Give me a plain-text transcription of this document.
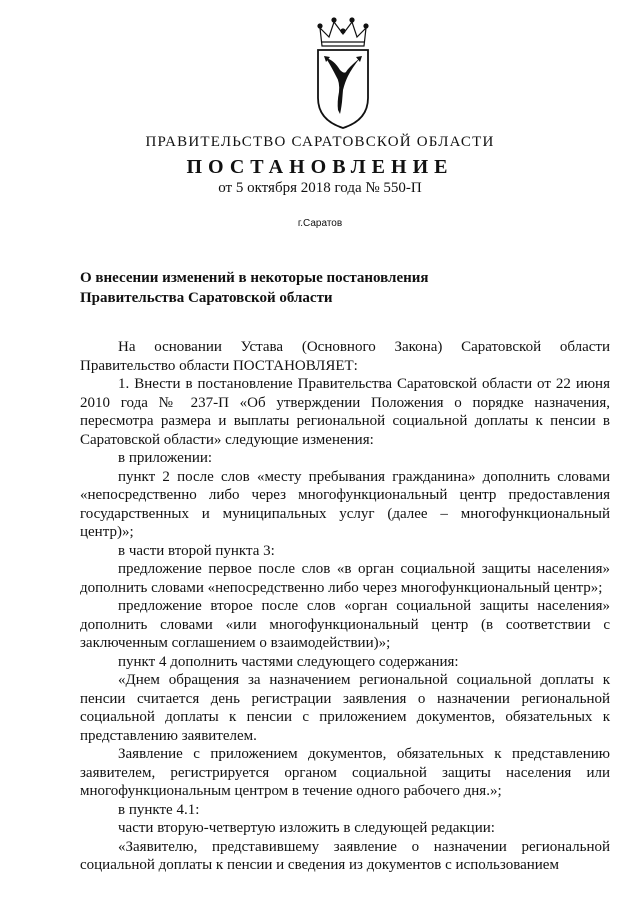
ПРАВИТЕЛЬСТВО САРАТОВСКОЙ ОБЛАСТИ
ПОСТАНОВЛЕНИЕ
от 5 октября 2018 года № 550-П
г.Саратов
О внесении изменений в некоторые постановления
Правительства Саратовской области

На основании Устава (Основного Закона) Саратовской области Правительство области ПОСТАНОВЛЯЕТ:

1. Внести в постановление Правительства Саратовской области от 22 июня 2010 года № 237-П «Об утверждении Положения о порядке назначения, пересмотра размера и выплаты региональной социальной доплаты к пенсии в Саратовской области» следующие изменения:

в приложении:

пункт 2 после слов «месту пребывания гражданина» дополнить словами «непосредственно либо через многофункциональный центр предоставления государственных и муниципальных услуг (далее – многофункциональный центр)»;

в части второй пункта 3:

предложение первое после слов «в орган социальной защиты населения» дополнить словами «непосредственно либо через многофункциональный центр»;

предложение второе после слов «орган социальной защиты населения» дополнить словами «или многофункциональный центр (в соответствии с заключенным соглашением о взаимодействии)»;

пункт 4 дополнить частями следующего содержания:

«Днем обращения за назначением региональной социальной доплаты к пенсии считается день регистрации заявления о назначении региональной социальной доплаты к пенсии с приложением документов, обязательных к представлению заявителем.

Заявление с приложением документов, обязательных к представлению заявителем, регистрируется органом социальной защиты населения или многофункциональным центром в течение одного рабочего дня.»;

в пункте 4.1:

части вторую-четвертую изложить в следующей редакции:

«Заявителю, представившему заявление о назначении региональной социальной доплаты к пенсии и сведения из документов с использованием
